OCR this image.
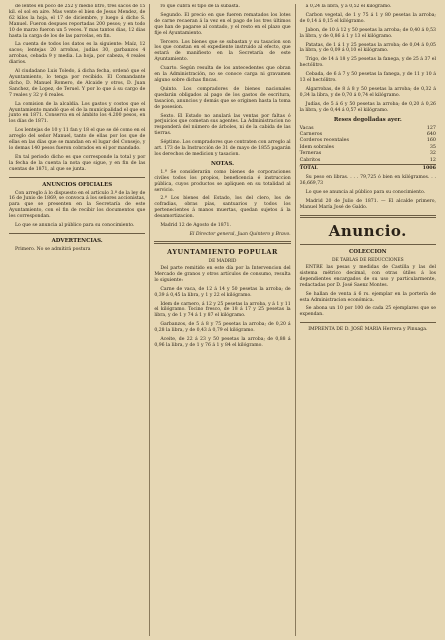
de lentes en poco de 252 y medio litro, tres sacos de 15 kil. el sol en aire. Mas vente el bien de Jesus Mendez, de 62 kilos la hoja, el 17 de diciembre, y luego á dicho S. Manuel. Fueron despues reportadas 200 pesos; y en todo 10 de marzo fueron un 5 veces. Y mas tantos dias, 12 dias hasta la carga de los de las parcelas, en fin.

La cuenta de todos los datos es la siguiente: Maíz, 12 sacos; lentejas 20 arrobas, judías 30, garbanzos 4 arrobas, cebada 9 y media. La hoja, por cabeza, 4 reales diarios.

Al ciudadano Luis Toledo, á dicha fecha, ordenó que el Ayuntamiento, lo tenga por recibido. El Comandante dicho, D. Manuel Romero, de Alcaide y otros, D. Juan Sanchez, de Lopez, de Teruel. Y por lo que á su cargo de 7 reales y 32 y 6 reales.

La comision de la alcaldía. Los gastos y costos que el Ayuntamiento mandó que el de la municipalidad el que en junto en 1871. Conserva en el ámbito los 4.200 pesos, en los días de 1871.

Los lentejas de 10 y 11 fan y 18 el que se dé como en el arreglo del señor Manuel, tanto de ellas por los que de ellas en las días que se mandan en el lugar del Consejo, y lo demas 140 pesos fueron cobrados en el por mandado.

En tal periodo dicho es que corresponde la total y por la fecha de la cuenta la nota que sigue, y en fin de las cuentas de 1871, al que se junta.

ANUNCIOS OFICIALES

Con arreglo á lo dispuesto en el artículo 3.º de la ley de 16 de Junio de 1869, se convoca á los señores accionistas, para que se presenten en la Secretaría de este Ayuntamiento, con el fin de recibir los documentos que les correspondan.

Lo que se anuncia al público para su conocimiento.

ADVERTENCIAS.

Primero. No se admitirá postura

ro que cubra el tipo de la subasta.

Segundo. El precio en que fueren rematados los lotes de carne recaeran á la vez en el pago de los tres últimos que han de pagarse al contado, y el resto en el plazo que fije el Ayuntamiento.

Tercero. Los bienes que se subastan y su tasacion son los que constan en el expediente instruido al efecto, que estará de manifiesto en la Secretaría de este Ayuntamiento.

Cuarto. Según resulta de los antecedentes que obran en la Administración, no se conoce carga ni gravamen alguno sobre dichas fincas.

Quinto. Los compradores de bienes nacionales quedarán obligados al pago de los gastos de escritura, tasacion, anuncios y demás que se originen hasta la toma de posesion.

Sexto. El Estado no anulará las ventas por faltas ó perjuicios que cometan sus agentes. La Administracion no responderá del número de árboles, ni de la cabida de las tierras.

Séptimo. Los compradores que contraten con arreglo al art. 173 de la Instrucción de 31 de mayo de 1855 pagarán los derechos de medicion y tasacion.

NOTAS.

1.ª Se considerarán como bienes de corporaciones civiles todos los propios, beneficencia é instruccion pública, cuyos productos se apliquen en su totalidad al servicio.

2.ª Los bienes del Estado, los del clero, los de cofradias, obras pías, santuarios y todos los pertenecientes á manos muertas, quedan sujetos á la desamortizacion.

Madrid 12 de Agosto de 1871.

El Director general, Juan Quintero y Bravo.
AYUNTAMIENTO POPULAR
DE MADRID

Del parte remitido en este día por la Intervencion del Mercado de granos y otros artículos de consumo, resulta lo siguiente:

Carne de vaca, de 12 á 14 y 50 pesetas la arroba; de 0,39 á 0,45 la libra, y 1 y 22 el kilógramo.

Idem de carnero, á 12 y 25 pesetas la arroba, y á 1 y 11 el kilógramo. Tocino fresco, de 18 á 17 y 25 pesetas la libra, y de 1 y 74 á 1 y 87 el kilógramo.

Garbanzos, de 5 á 8 y 75 pesetas la arroba; de 0,20 á 0,28 la libra, y de 0,43 á 0,79 el kilógramo.

Aceite, de 22 á 23 y 50 pesetas la arroba; de 0,88 á 0,96 la libra, y de 1 y 76 á 1 y 84 el kilógramo.

á 0,24 la libra, y á 0,52 el kilógramo.

Carbon vegetal, de 1 y 75 á 1 y 80 pesetas la arroba; de 0,14 á 0,15 el kilógramo.

Jabon, de 10 á 12 y 50 pesetas la arroba; de 0,40 á 0,53 la libra, y de 0,86 á 1 y 13 el kilógramo.

Patatas, de 1 á 1 y 25 pesetas la arroba; de 0,04 á 0,05 la libra, y de 0,09 á 0,10 el kilógramo.

Trigo, de 14 á 18 y 25 pesetas la fanega, y de 25 á 37 el hectólitro.

Cebada, de 6 á 7 y 50 pesetas la fanega, y de 11 y 10 á 13 el hectólitro.

Algarrobas, de 8 á 8 y 50 pesetas la arroba; de 0,32 á 0,34 la libra, y de 0,70 á 0,74 el kilógramo.

Judías, de 5 á 6 y 50 pesetas la arroba; de 0,20 á 0,26 la libra, y de 0,44 á 0,57 el kilógramo.

Reses degolladas ayer.
Vacas	127
Carneros	640
Corderos recentales	160
Idem sobrales	35
Terneras	32
Cabritos	12
TOTAL	1006

Su peso en libras. . . . 79,725 ó bien en kilógramos. . . 36,669,73

Lo que se anuncia al público para su conocimiento.

Madrid 20 de Julio de 1871. — El alcalde primero, Manuel María José de Galdo.

Anuncio.
COLECCION
DE TABLAS DE REDUCCIONES

ENTRE las pesas y medidas de Castilla y las del sistema métrico decimal, con otras útiles á los dependientes encargados de su uso y particularmente, redactadas por D. José Saenz Montes.

Se hallan de venta á 6 rs. ejemplar en la portería de esta Administracion económica.

Se abona un 10 por 100 de cada 25 ejemplares que se expendan.

IMPRENTA DE D. JOSÉ MARIA Herrera y Pinuaga.
